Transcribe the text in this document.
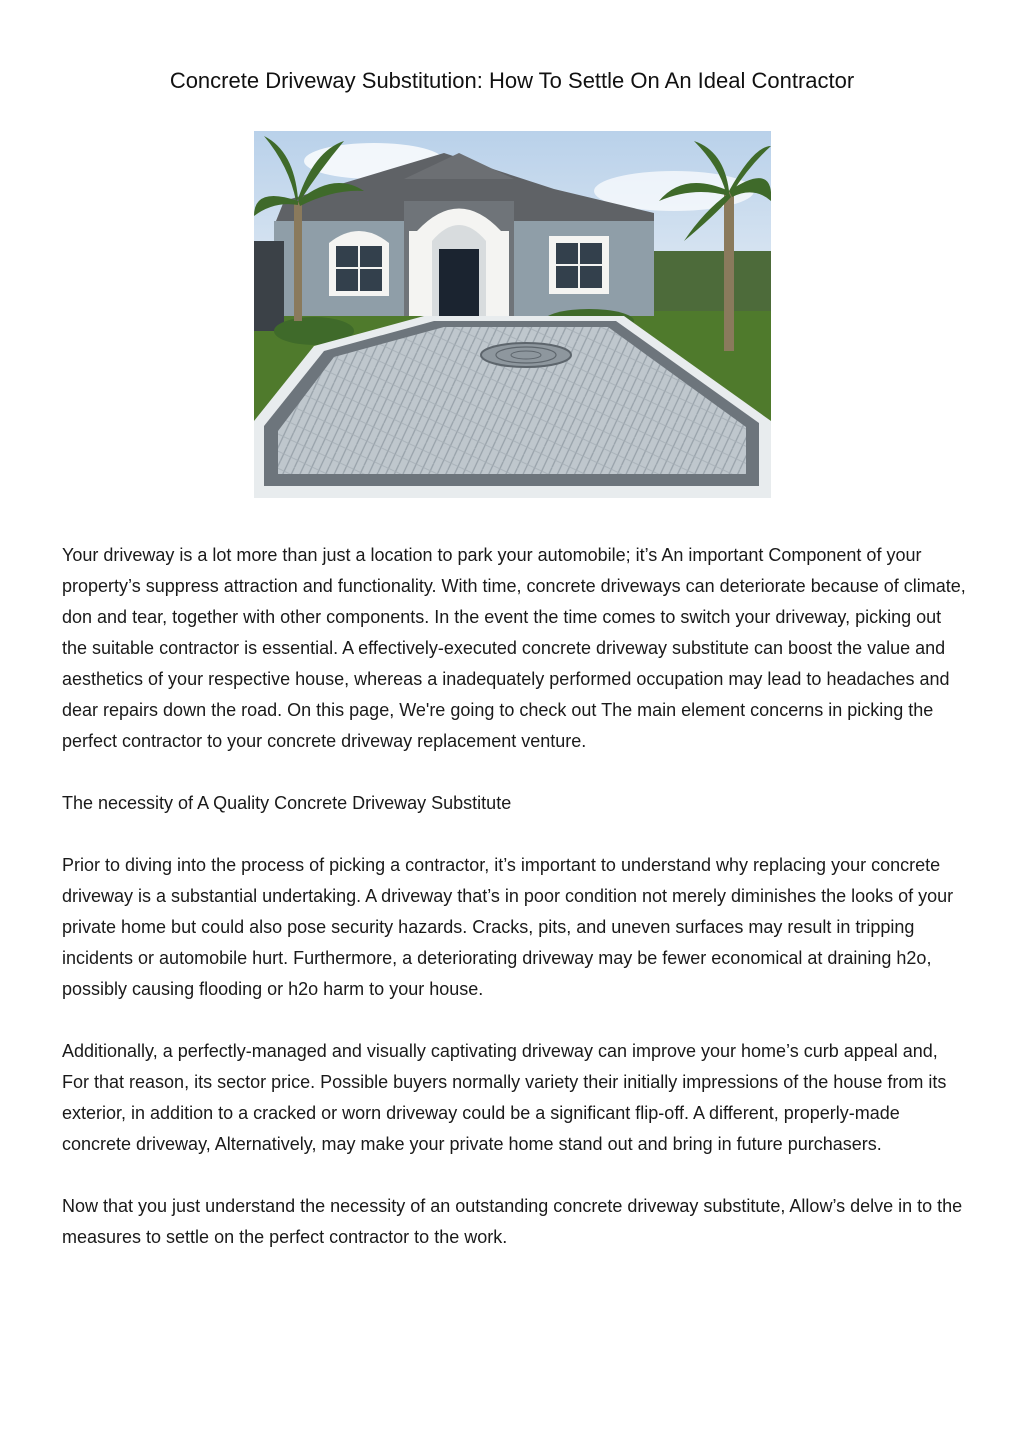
Concrete Driveway Substitution: How To Settle On An Ideal Contractor

Your driveway is a lot more than just a location to park your automobile; it’s An important Component of your property’s suppress attraction and functionality. With time, concrete driveways can deteriorate because of climate, don and tear, together with other components. In the event the time comes to switch your driveway, picking out the suitable contractor is essential. A effectively-executed concrete driveway substitute can boost the value and aesthetics of your respective house, whereas a inadequately performed occupation may lead to headaches and dear repairs down the road. On this page, We're going to check out The main element concerns in picking the perfect contractor to your concrete driveway replacement venture.

The necessity of A Quality Concrete Driveway Substitute

Prior to diving into the process of picking a contractor, it’s important to understand why replacing your concrete driveway is a substantial undertaking. A driveway that’s in poor condition not merely diminishes the looks of your private home but could also pose security hazards. Cracks, pits, and uneven surfaces may result in tripping incidents or automobile hurt. Furthermore, a deteriorating driveway may be fewer economical at draining h2o, possibly causing flooding or h2o harm to your house.

Additionally, a perfectly-managed and visually captivating driveway can improve your home’s curb appeal and, For that reason, its sector price. Possible buyers normally variety their initially impressions of the house from its exterior, in addition to a cracked or worn driveway could be a significant flip-off. A different, properly-made concrete driveway, Alternatively, may make your private home stand out and bring in future purchasers.

Now that you just understand the necessity of an outstanding concrete driveway substitute, Allow’s delve in to the measures to settle on the perfect contractor to the work.
